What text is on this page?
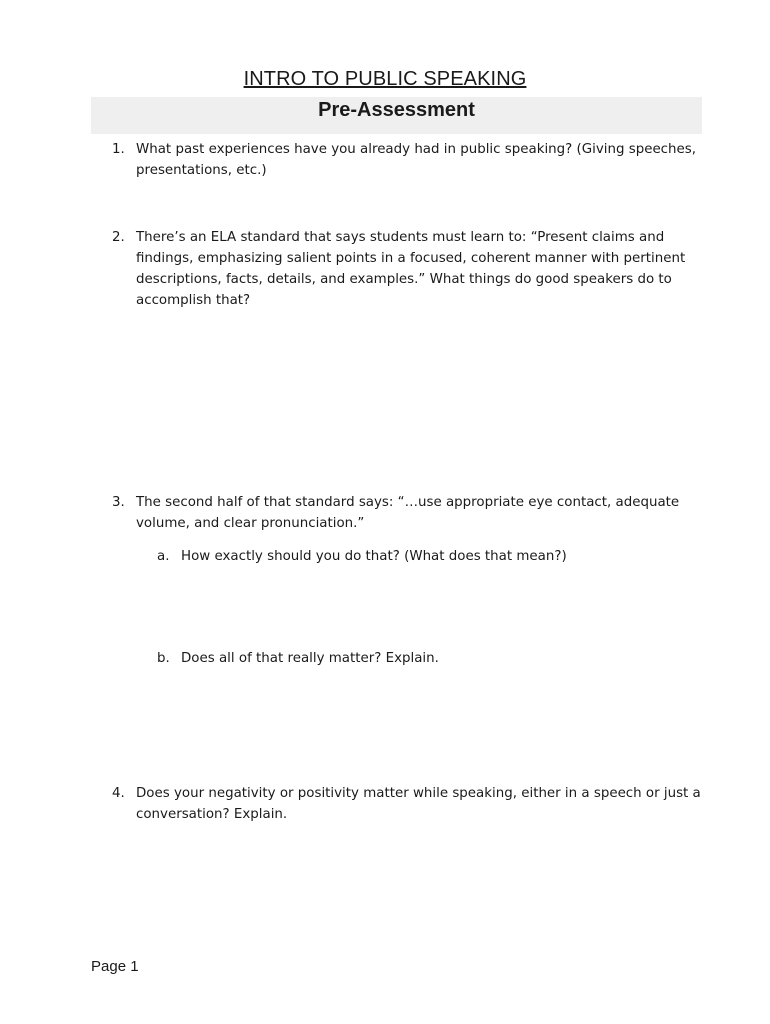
INTRO TO PUBLIC SPEAKING
Pre-Assessment
1. What past experiences have you already had in public speaking? (Giving speeches, presentations, etc.)
2. There’s an ELA standard that says students must learn to: “Present claims and findings, emphasizing salient points in a focused, coherent manner with pertinent descriptions, facts, details, and examples.” What things do good speakers do to accomplish that?
3. The second half of that standard says: “…use appropriate eye contact, adequate volume, and clear pronunciation.”
a. How exactly should you do that? (What does that mean?)
b. Does all of that really matter? Explain.
4. Does your negativity or positivity matter while speaking, either in a speech or just a conversation? Explain.
Page 1
